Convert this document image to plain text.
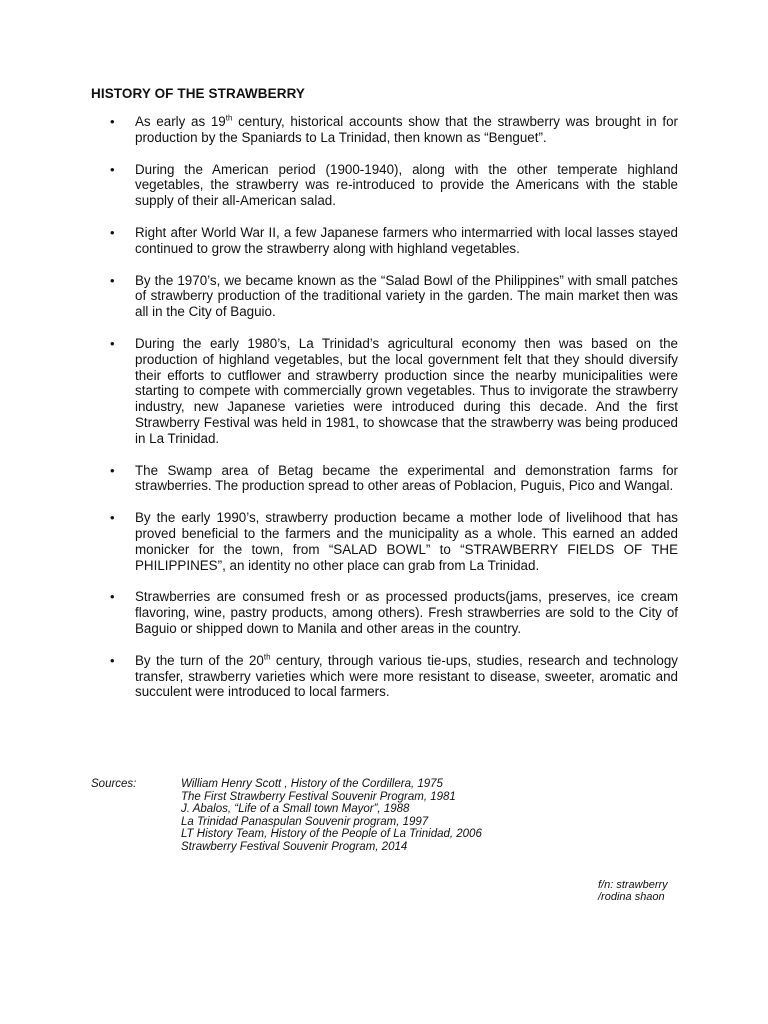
HISTORY OF THE STRAWBERRY
•	As early as 19th century, historical accounts show that the strawberry was brought in for production by the Spaniards to La Trinidad, then known as “Benguet”.
•	During the American period (1900-1940), along with the other temperate highland vegetables, the strawberry was re-introduced to provide the Americans with the stable supply of their all-American salad.
•	Right after World War II, a few Japanese farmers who intermarried with local lasses stayed continued to grow the strawberry along with highland vegetables.
•	By the 1970’s, we became known as the “Salad Bowl of the Philippines” with small patches of strawberry production of the traditional variety in the garden. The main market then was all in the City of Baguio.
•	During the early 1980’s, La Trinidad’s agricultural economy then was based on the production of highland vegetables, but the local government felt that they should diversify their efforts to cutflower and strawberry production since the nearby municipalities were starting to compete with commercially grown vegetables. Thus to invigorate the strawberry industry, new Japanese varieties were introduced during this decade. And the first Strawberry Festival was held in 1981, to showcase that the strawberry was being produced in La Trinidad.
•	The Swamp area of Betag became the experimental and demonstration farms for strawberries. The production spread to other areas of Poblacion, Puguis, Pico and Wangal.
•	By the early 1990’s, strawberry production became a mother lode of livelihood that has proved beneficial to the farmers and the municipality as a whole. This earned an added monicker for the town, from “SALAD BOWL” to “STRAWBERRY FIELDS OF THE PHILIPPINES”, an identity no other place can grab from La Trinidad.
•	Strawberries are consumed fresh or as processed products(jams, preserves, ice cream flavoring, wine, pastry products, among others). Fresh strawberries are sold to the City of Baguio or shipped down to Manila and other areas in the country.
•	By the turn of the 20th century, through various tie-ups, studies, research and technology transfer, strawberry varieties which were more resistant to disease, sweeter, aromatic and succulent were introduced to local farmers.
Sources:	William Henry Scott , History of the Cordillera, 1975
The First Strawberry Festival Souvenir Program, 1981
J. Abalos, “Life of a Small town Mayor”, 1988
La Trinidad Panaspulan Souvenir program, 1997
LT History Team, History of the People of La Trinidad, 2006
Strawberry Festival Souvenir Program, 2014
f/n: strawberry
/rodina shaon
